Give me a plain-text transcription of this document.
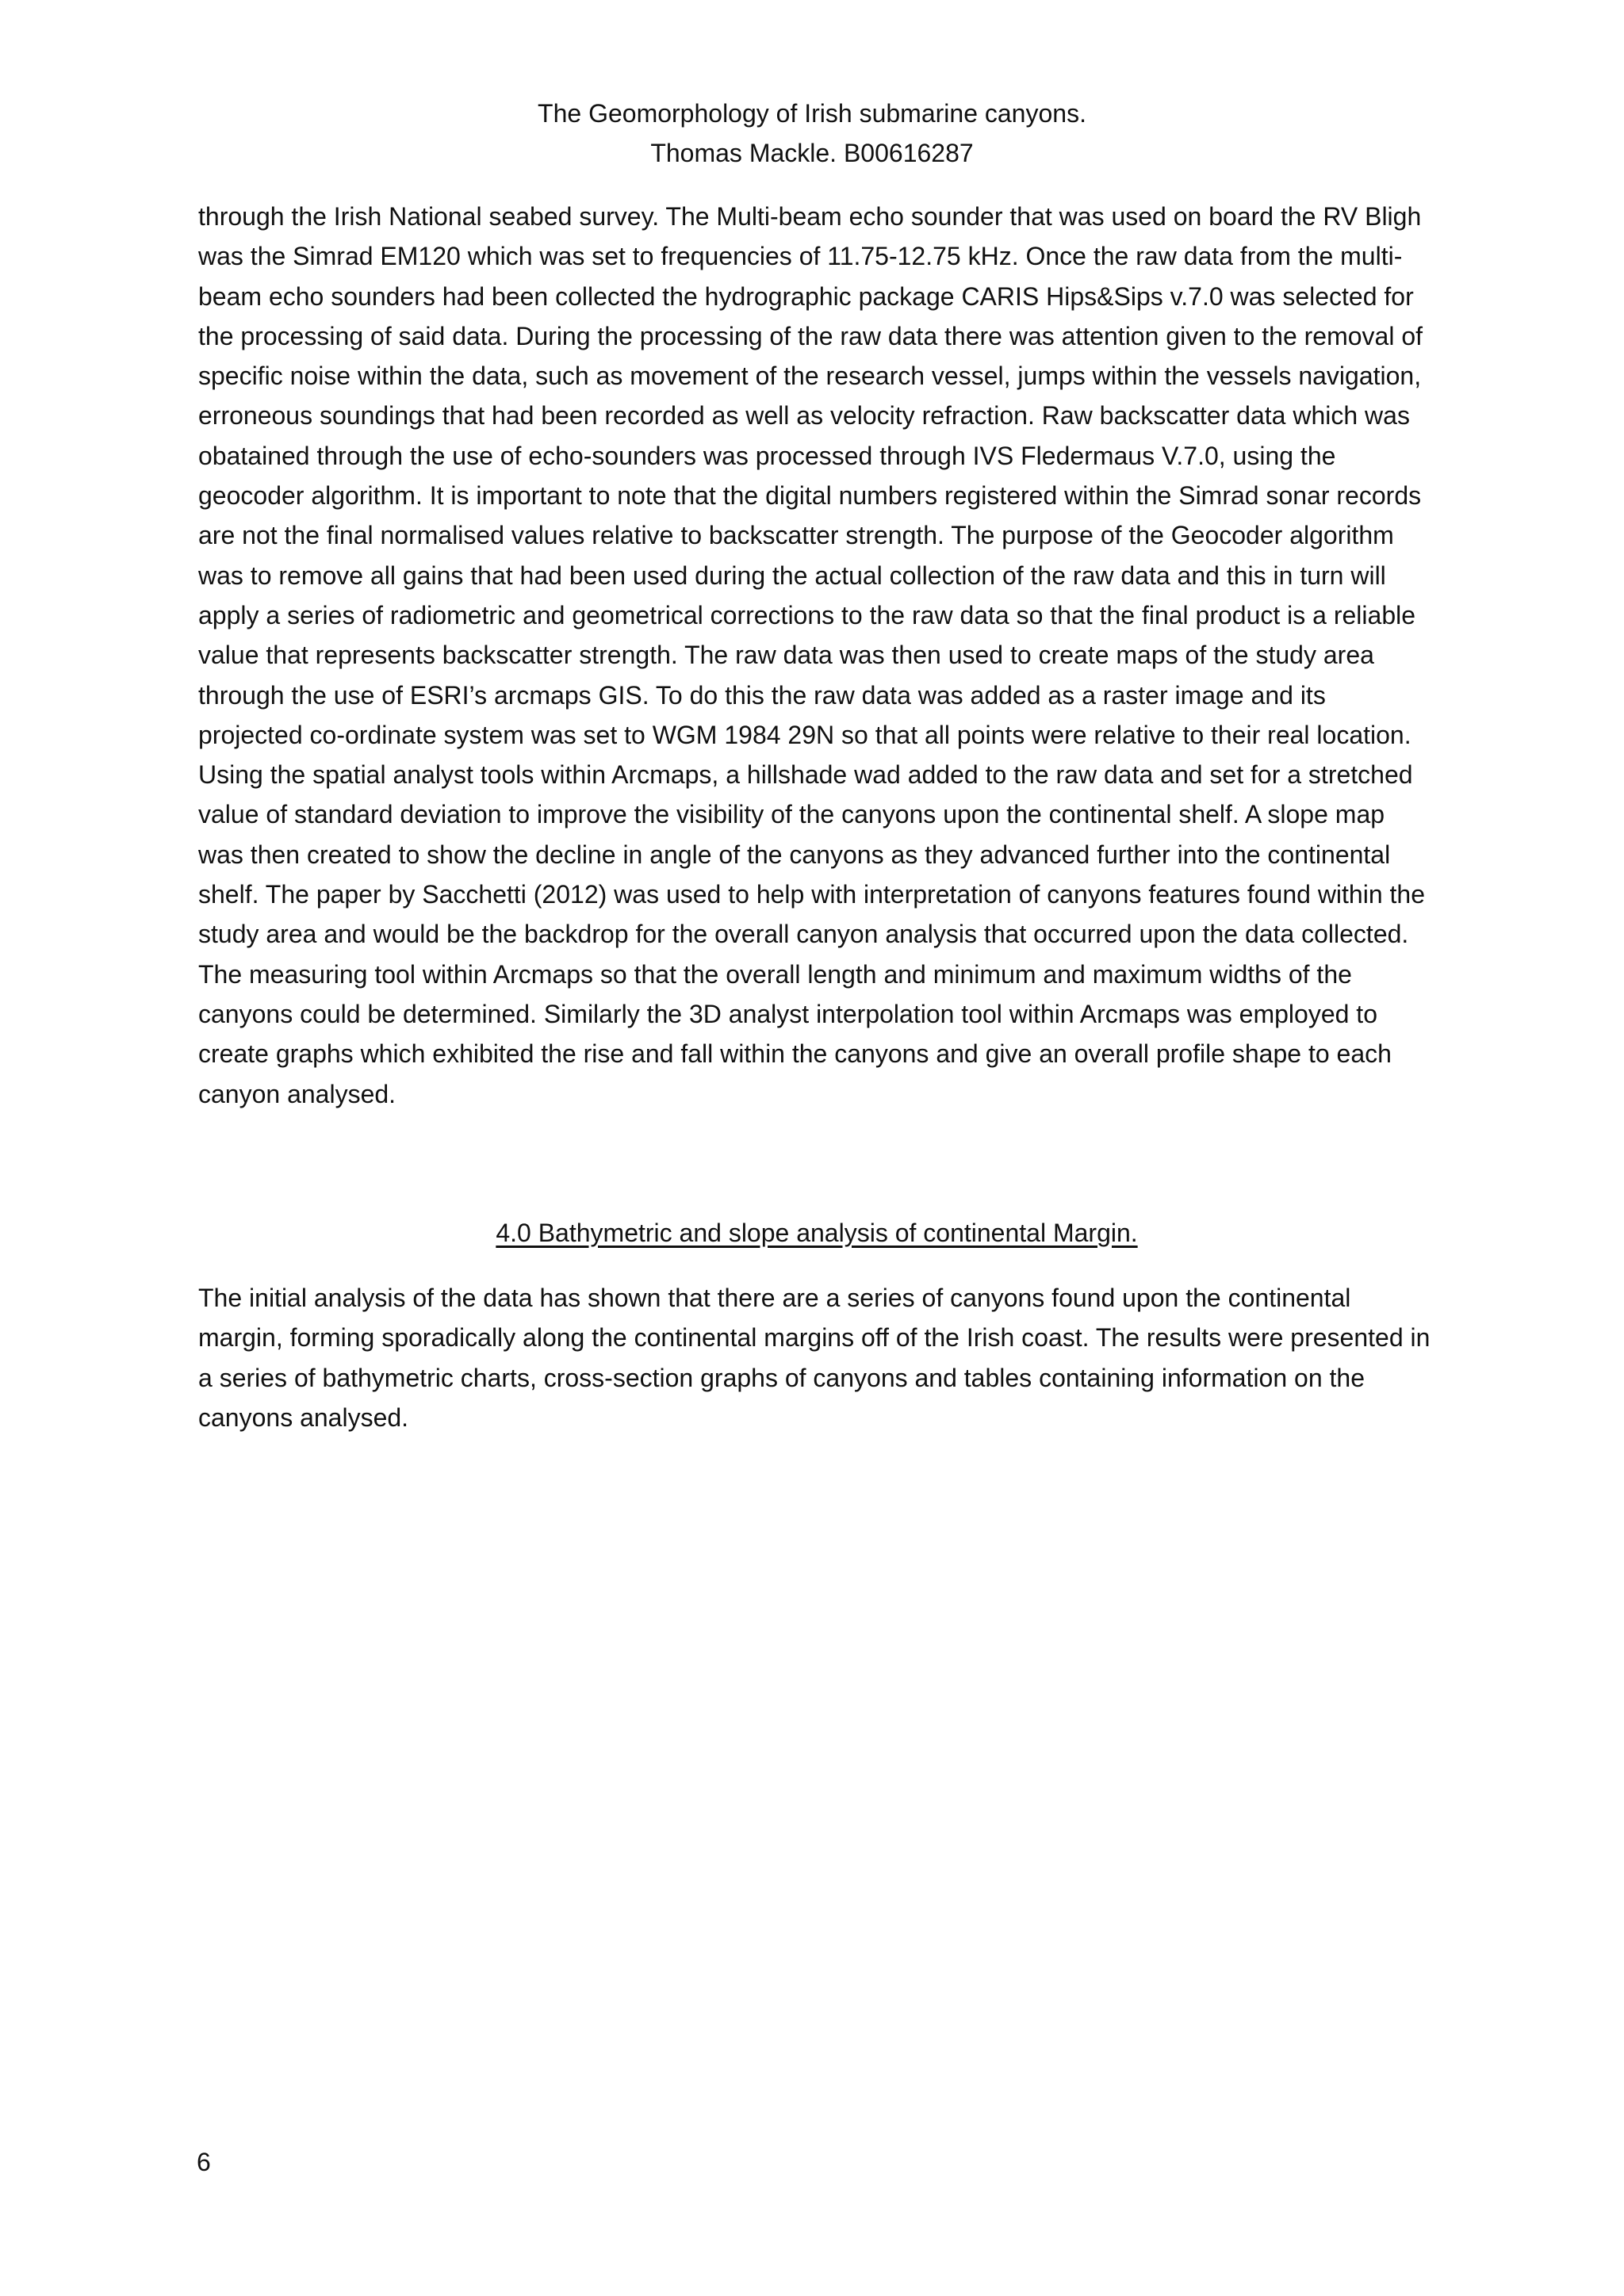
The Geomorphology of Irish submarine canyons.
Thomas Mackle. B00616287

through the Irish National seabed survey. The Multi-beam echo sounder that was used on board the RV Bligh was the Simrad EM120 which was set to frequencies of 11.75-12.75 kHz. Once the raw data from the multi-beam echo sounders had been collected the hydrographic package CARIS Hips&Sips v.7.0 was selected for the processing of said data. During the processing of the raw data there was attention given to the removal of specific noise within the data, such as movement of the research vessel, jumps within the vessels navigation, erroneous soundings that had been recorded as well as velocity refraction. Raw backscatter data which was obatained through the use of echo-sounders was processed through IVS Fledermaus V.7.0, using the geocoder algorithm. It is important to note that the digital numbers registered within the Simrad sonar records are not the final normalised values relative to backscatter strength. The purpose of the Geocoder algorithm was to remove all gains that had been used during the actual collection of the raw data and this in turn will apply a series of radiometric and geometrical corrections to the raw data so that the final product is a reliable value that represents backscatter strength. The raw data was then used to create maps of the study area through the use of ESRI’s arcmaps GIS. To do this the raw data was added as a raster image and its projected co-ordinate system was set to WGM 1984 29N so that all points were relative to their real location. Using the spatial analyst tools within Arcmaps, a hillshade wad added to the raw data and set for a stretched value of standard deviation to improve the visibility of the canyons upon the continental shelf. A slope map was then created to show the decline in angle of the canyons as they advanced further into the continental shelf. The paper by Sacchetti (2012) was used to help with interpretation of canyons features found within the study area and would be the backdrop for the overall canyon analysis that occurred upon the data collected. The measuring tool within Arcmaps so that the overall length and minimum and maximum widths of the canyons could be determined. Similarly the 3D analyst interpolation tool within Arcmaps was employed to create graphs which exhibited the rise and fall within the canyons and give an overall profile shape to each canyon analysed.

4.0 Bathymetric and slope analysis of continental Margin.

The initial analysis of the data has shown that there are a series of canyons found upon the continental margin, forming sporadically along the continental margins off of the Irish coast. The results were presented in a series of bathymetric charts, cross-section graphs of canyons and tables containing information on the canyons analysed.

6
